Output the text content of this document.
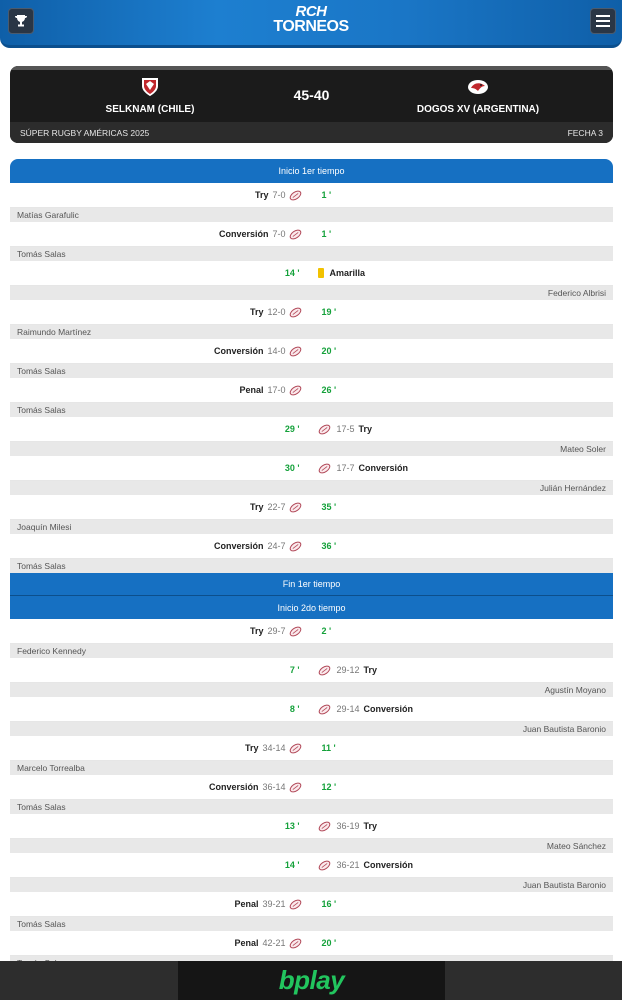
RCH
TORNEOS
SELKNAM (CHILE)
45-40
DOGOS XV (ARGENTINA)
SÚPER RUGBY AMÉRICAS 2025	FECHA 3
Inicio 1er tiempo
Try 7-0	1 '
Matías Garafulic
Conversión 7-0	1 '
Tomás Salas
14 '	Amarilla
Federico Albrisi
Try 12-0	19 '
Raimundo Martínez
Conversión 14-0	20 '
Tomás Salas
Penal 17-0	26 '
Tomás Salas
29 '	17-5 Try
Mateo Soler
30 '	17-7 Conversión
Julián Hernández
Try 22-7	35 '
Joaquín Milesi
Conversión 24-7	36 '
Tomás Salas
Fin 1er tiempo
Inicio 2do tiempo
Try 29-7	2 '
Federico Kennedy
7 '	29-12 Try
Agustín Moyano
8 '	29-14 Conversión
Juan Bautista Baronio
Try 34-14	11 '
Marcelo Torrealba
Conversión 36-14	12 '
Tomás Salas
13 '	36-19 Try
Mateo Sánchez
14 '	36-21 Conversión
Juan Bautista Baronio
Penal 39-21	16 '
Tomás Salas
Penal 42-21	20 '
bplay
